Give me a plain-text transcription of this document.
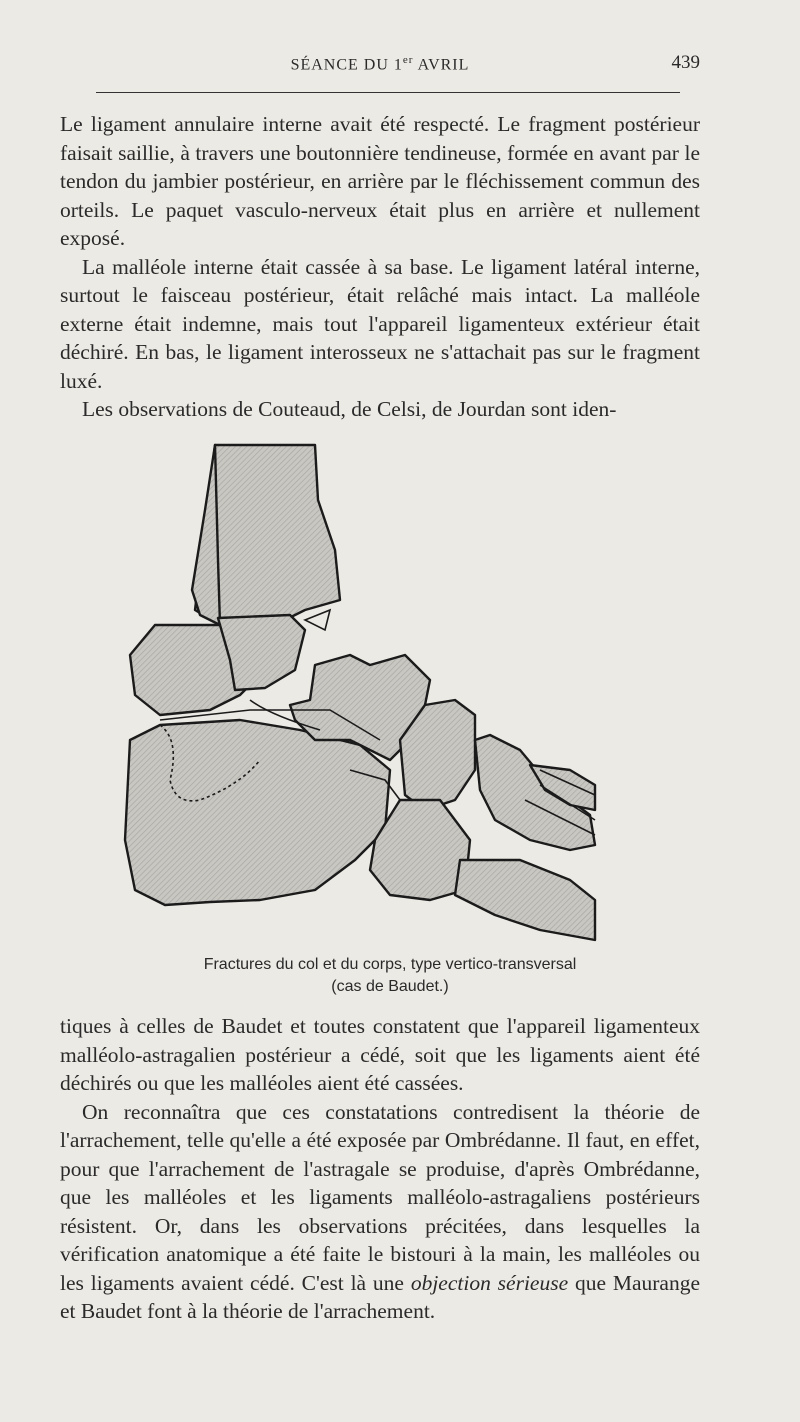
SÉANCE DU 1er AVRIL	439

Le ligament annulaire interne avait été respecté. Le fragment postérieur faisait saillie, à travers une boutonnière tendineuse, formée en avant par le tendon du jambier postérieur, en arrière par le fléchissement commun des orteils. Le paquet vasculo-nerveux était plus en arrière et nullement exposé.

La malléole interne était cassée à sa base. Le ligament latéral interne, surtout le faisceau postérieur, était relâché mais intact. La malléole externe était indemne, mais tout l'appareil ligamenteux extérieur était déchiré. En bas, le ligament interosseux ne s'attachait pas sur le fragment luxé.

Les observations de Couteaud, de Celsi, de Jourdan sont iden-

Fractures du col et du corps, type vertico-transversal
(cas de Baudet.)

tiques à celles de Baudet et toutes constatent que l'appareil ligamenteux malléolo-astragalien postérieur a cédé, soit que les ligaments aient été déchirés ou que les malléoles aient été cassées.

On reconnaîtra que ces constatations contredisent la théorie de l'arrachement, telle qu'elle a été exposée par Ombrédanne. Il faut, en effet, pour que l'arrachement de l'astragale se produise, d'après Ombrédanne, que les malléoles et les ligaments malléolo-astragaliens postérieurs résistent. Or, dans les observations précitées, dans lesquelles la vérification anatomique a été faite le bistouri à la main, les malléoles ou les ligaments avaient cédé. C'est là une objection sérieuse que Maurange et Baudet font à la théorie de l'arrachement.
